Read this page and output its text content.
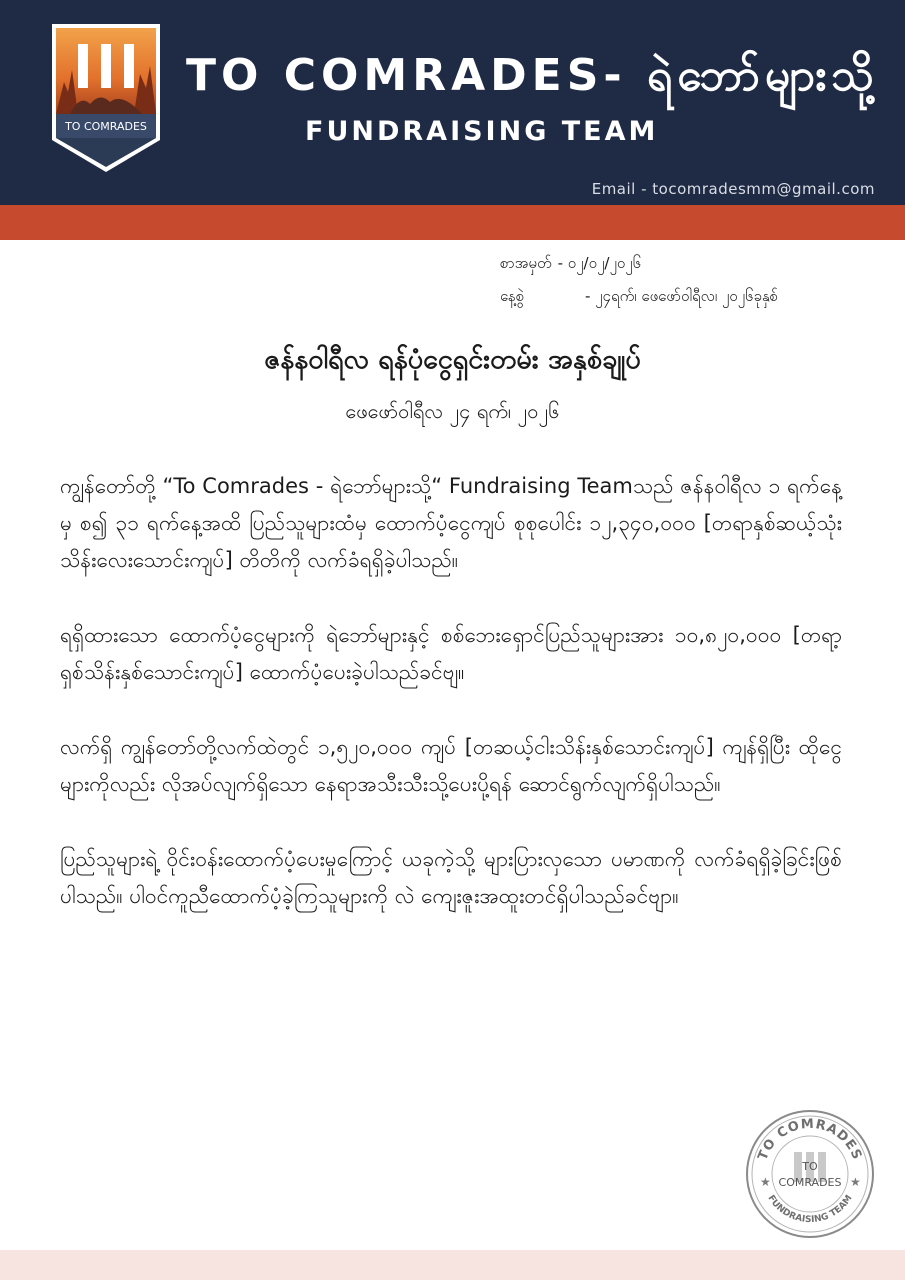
TO COMRADES
TO COMRADES- ရဲဘော်များသို့
FUNDRAISING TEAM
Email - tocomradesmm@gmail.com
စာအမှတ် - ၀၂/၀၂/၂၀၂၆
နေ့စွဲ	- ၂၄ရက်၊ ဖေဖော်ဝါရီလ၊ ၂၀၂၆ခုနှစ်
ဇန်နဝါရီလ ရန်ပုံငွေရှင်းတမ်း အနှစ်ချုပ်
ဖေဖော်ဝါရီလ ၂၄ ရက်၊ ၂၀၂၆

ကျွန်တော်တို့ “To Comrades - ရဲဘော်များသို့“ Fundraising Teamသည် ဇန်နဝါရီလ ၁ ရက်နေ့မှ စ၍ ၃၁ ရက်နေ့အထိ ပြည်သူများထံမှ ထောက်ပံ့ငွေကျပ် စုစုပေါင်း ၁၂,၃၄၀,၀၀၀ [တရာနှစ်ဆယ့်သုံးသိန်းလေးသောင်းကျပ်] တိတိကို လက်ခံရရှိခဲ့ပါသည်။

ရရှိထားသော ထောက်ပံ့ငွေများကို ရဲဘော်များနှင့် စစ်ဘေးရှောင်ပြည်သူများအား ၁၀,၈၂၀,၀၀၀ [တရာ့ရှစ်သိန်းနှစ်သောင်းကျပ်] ထောက်ပံ့ပေးခဲ့ပါသည်ခင်ဗျ။

လက်ရှိ ကျွန်တော်တို့လက်ထဲတွင် ၁,၅၂၀,၀၀၀ ကျပ် [တဆယ့်ငါးသိန်းနှစ်သောင်းကျပ်] ကျန်ရှိပြီး ထိုငွေများကိုလည်း လိုအပ်လျက်ရှိသော နေရာအသီးသီးသို့ပေးပို့ရန် ဆောင်ရွက်လျက်ရှိပါသည်။

ပြည်သူများရဲ့ ဝိုင်းဝန်းထောက်ပံ့ပေးမှုကြောင့် ယခုကဲ့သို့ များပြားလှသော ပမာဏကို လက်ခံရရှိခဲ့ခြင်းဖြစ်ပါသည်။ ပါဝင်ကူညီထောက်ပံ့ခဲ့ကြသူများကို လဲ ကျေးဇူးအထူးတင်ရှိပါသည်ခင်ဗျာ။

TO COMRADES
FUNDRAISING TEAM
TO
COMRADES
★	★
